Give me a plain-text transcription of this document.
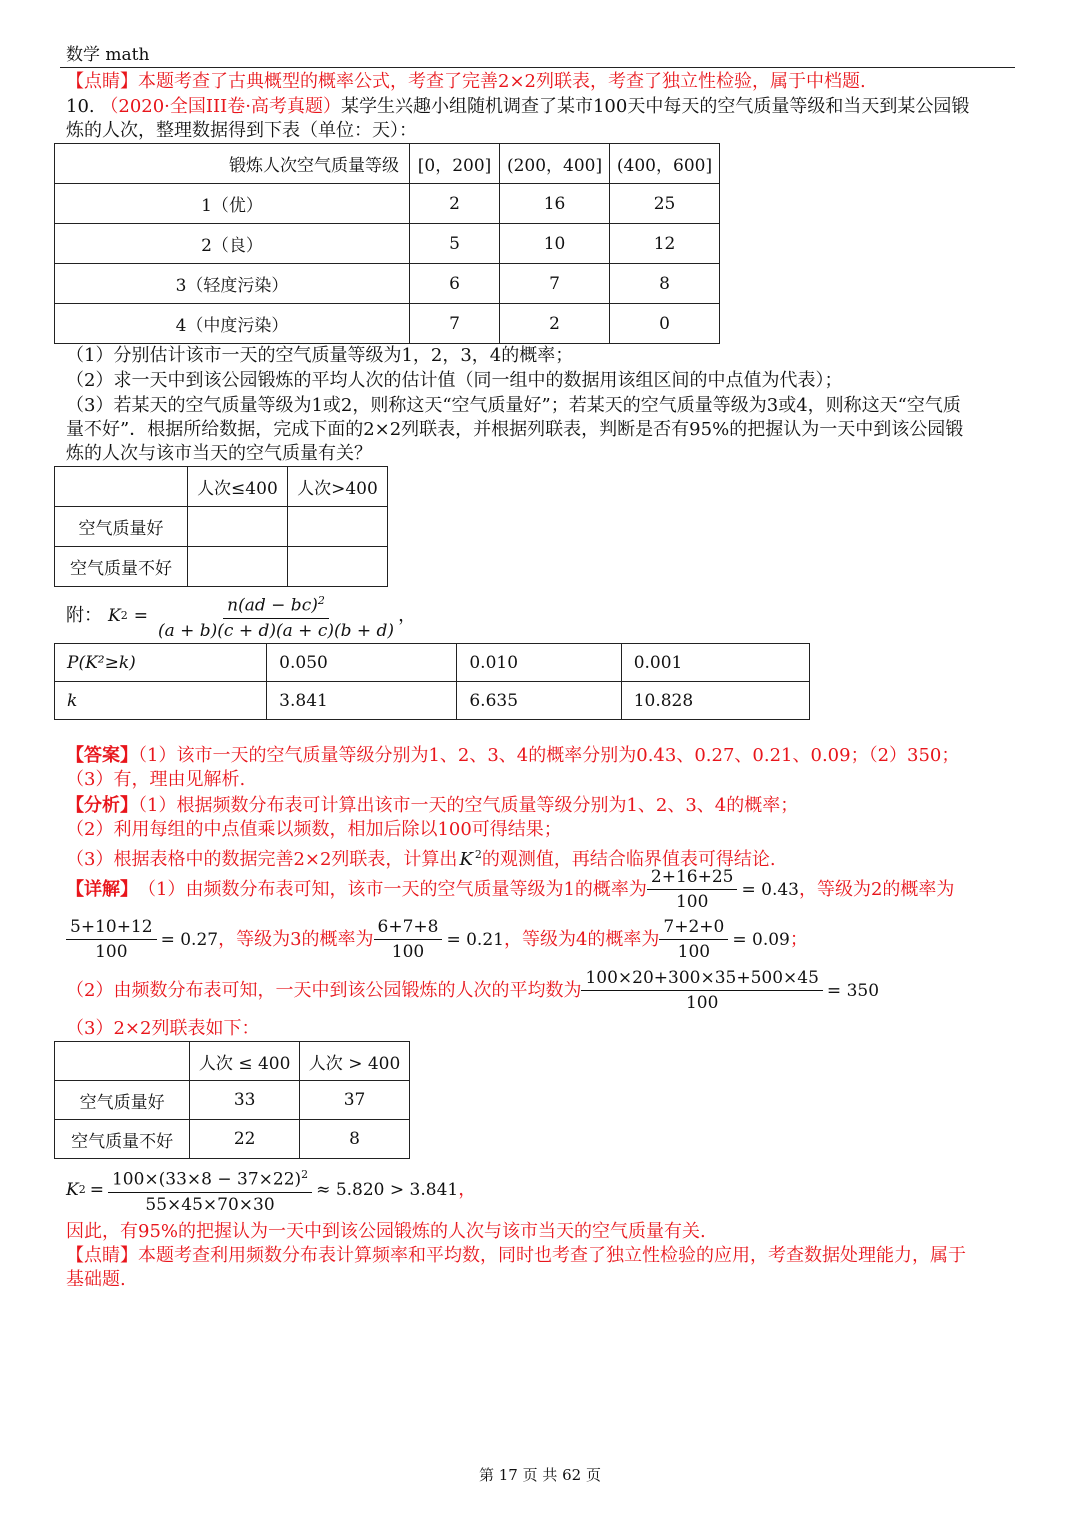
数学 math
【点睛】本题考查了古典概型的概率公式，考查了完善2×2列联表，考查了独立性检验，属于中档题.
10. （2020·全国III卷·高考真题）某学生兴趣小组随机调查了某市100天中每天的空气质量等级和当天到某公园锻
炼的人次，整理数据得到下表（单位：天）：
锻炼人次空气质量等级	[0，200]	(200，400]	(400，600]
1（优）	2	16	25
2（良）	5	10	12
3（轻度污染）	6	7	8
4（中度污染）	7	2	0
（1）分别估计该市一天的空气质量等级为1，2，3，4的概率；
（2）求一天中到该公园锻炼的平均人次的估计值（同一组中的数据用该组区间的中点值为代表）；
（3）若某天的空气质量等级为1或2，则称这天“空气质量好”；若某天的空气质量等级为3或4，则称这天“空气质
量不好”．根据所给数据，完成下面的2×2列联表，并根据列联表，判断是否有95%的把握认为一天中到该公园锻
炼的人次与该市当天的空气质量有关？
	人次≤400	人次>400
空气质量好		
空气质量不好		
附： K $2 = \frac{n(ad - bc)^2}{(a + b)(c + d)(a + c)(b + d)}$ ，
P(K²≥k)	0.050	0.010	0.001
k	3.841	6.635	10.828
【答案】（1）该市一天的空气质量等级分别为1、2、3、4的概率分别为0.43、0.27、0.21、0.09；（2）350；
（3）有，理由见解析.
【分析】（1）根据频数分布表可计算出该市一天的空气质量等级分别为1、2、3、4的概率；
（2）利用每组的中点值乘以频数，相加后除以100可得结果；
（3）根据表格中的数据完善2×2列联表，计算出 K $^2$的观测值，再结合临界值表可得结论.
【详解】 （1）由频数分布表可知，该市一天的空气质量等级为1的概率为 $\frac{2+16+25}{100} = 0.43$ ，等级为2的概率为
$\frac{5+10+12}{100} = 0.27$ ，等级为3的概率为 $\frac{6+7+8}{100} = 0.21$ ，等级为4的概率为 $\frac{7+2+0}{100} = 0.09$ ；
（2）由频数分布表可知，一天中到该公园锻炼的人次的平均数为 $\frac{100\times 20+300\times 35+500\times 45}{100} = 350$
（3）2×2列联表如下：
	人次 ≤ 400	人次 > 400
空气质量好	33	37
空气质量不好	22	8
K $2 = \frac{100\times(33\times 8 - 37\times 22)^2}{55\times 45\times 70\times 30} \approx 5.820 > 3.841$ ，
因此，有95%的把握认为一天中到该公园锻炼的人次与该市当天的空气质量有关.
【点睛】本题考查利用频数分布表计算频率和平均数，同时也考查了独立性检验的应用，考查数据处理能力，属于
基础题.
第 17 页 共 62 页
